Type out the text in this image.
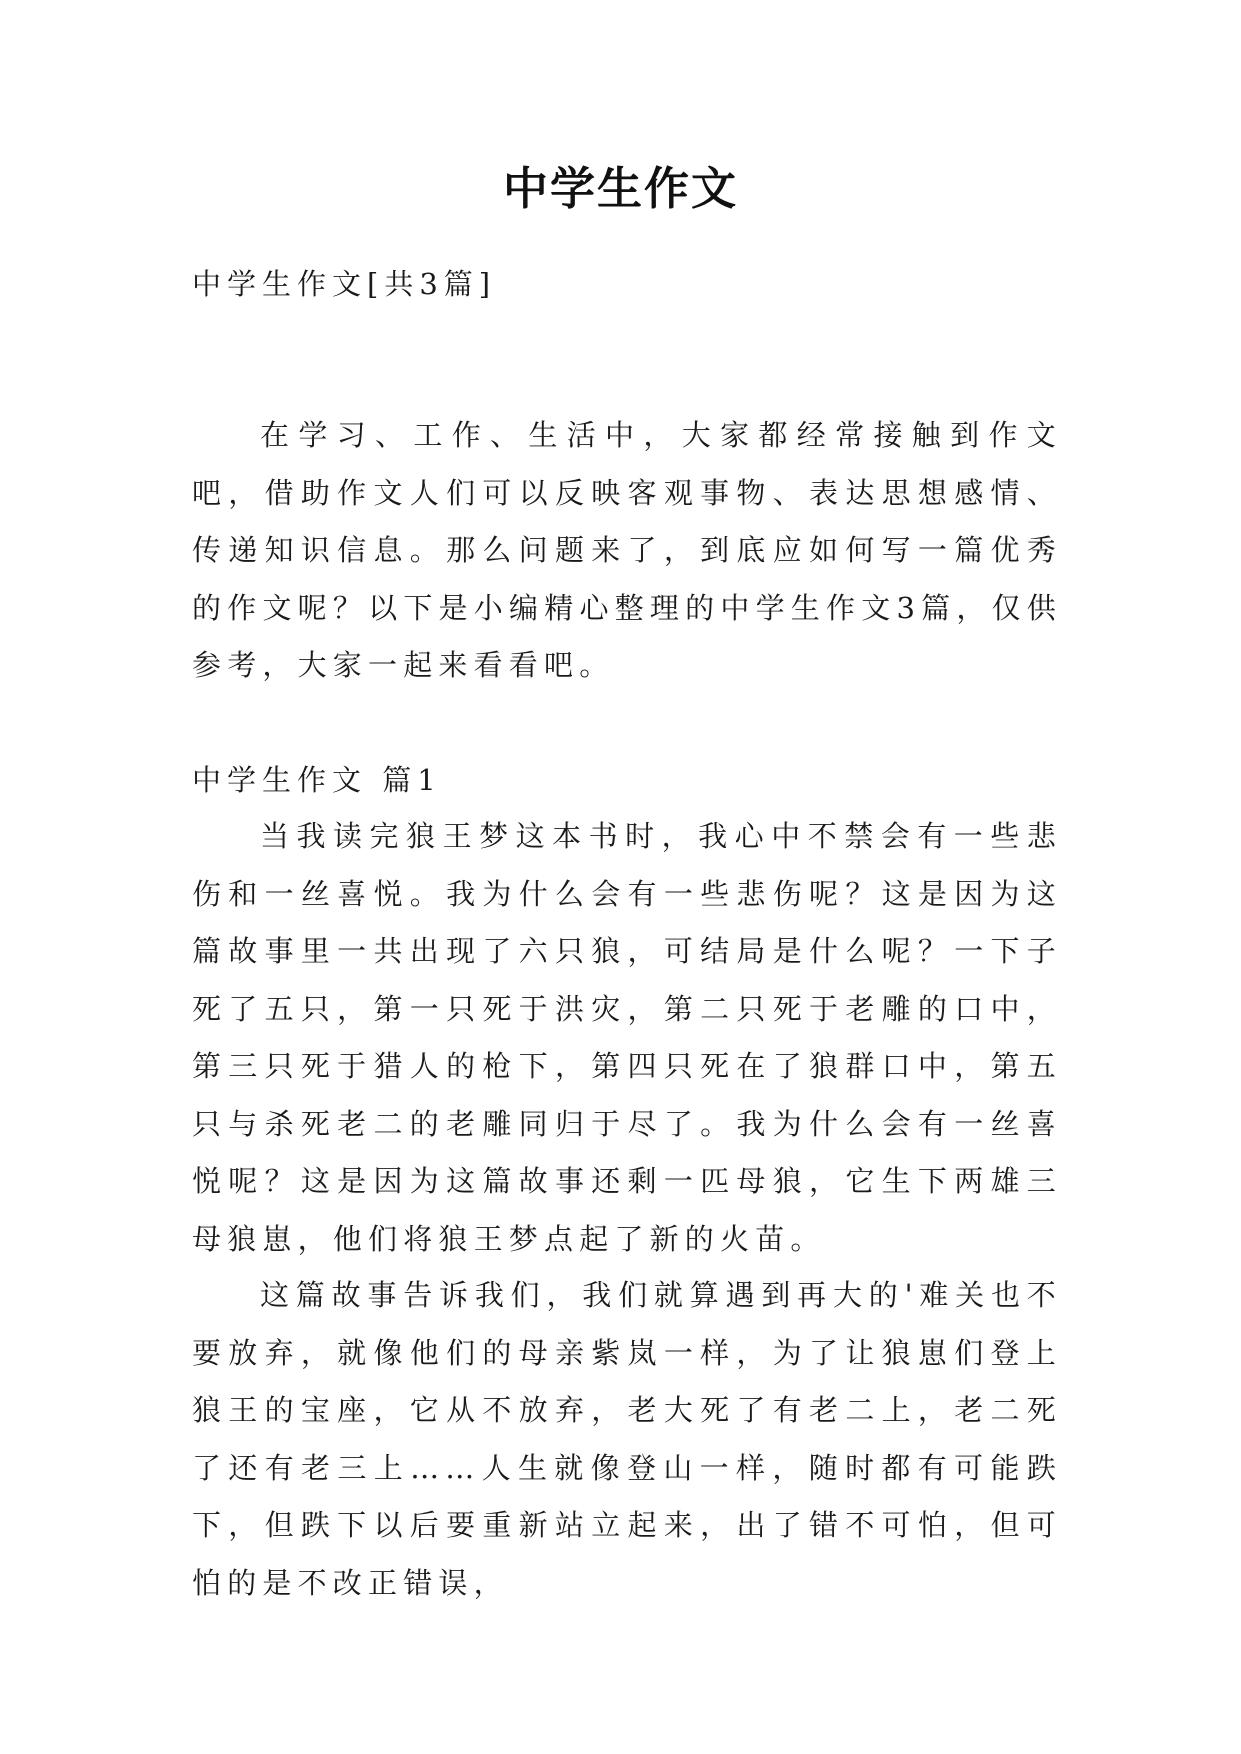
中学生作文
中学生作文[共3篇]

在学习、工作、生活中，大家都经常接触到作文吧，借助作文人们可以反映客观事物、表达思想感情、传递知识信息。那么问题来了，到底应如何写一篇优秀的作文呢？以下是小编精心整理的中学生作文3篇，仅供参考，大家一起来看看吧。

中学生作文 篇1

当我读完狼王梦这本书时，我心中不禁会有一些悲伤和一丝喜悦。我为什么会有一些悲伤呢？这是因为这篇故事里一共出现了六只狼，可结局是什么呢？一下子死了五只，第一只死于洪灾，第二只死于老雕的口中，第三只死于猎人的枪下，第四只死在了狼群口中，第五只与杀死老二的老雕同归于尽了。我为什么会有一丝喜悦呢？这是因为这篇故事还剩一匹母狼，它生下两雄三母狼崽，他们将狼王梦点起了新的火苗。

这篇故事告诉我们，我们就算遇到再大的'难关也不要放弃，就像他们的母亲紫岚一样，为了让狼崽们登上狼王的宝座，它从不放弃，老大死了有老二上，老二死了还有老三上……人生就像登山一样，随时都有可能跌下，但跌下以后要重新站立起来，出了错不可怕，但可怕的是不改正错误，
